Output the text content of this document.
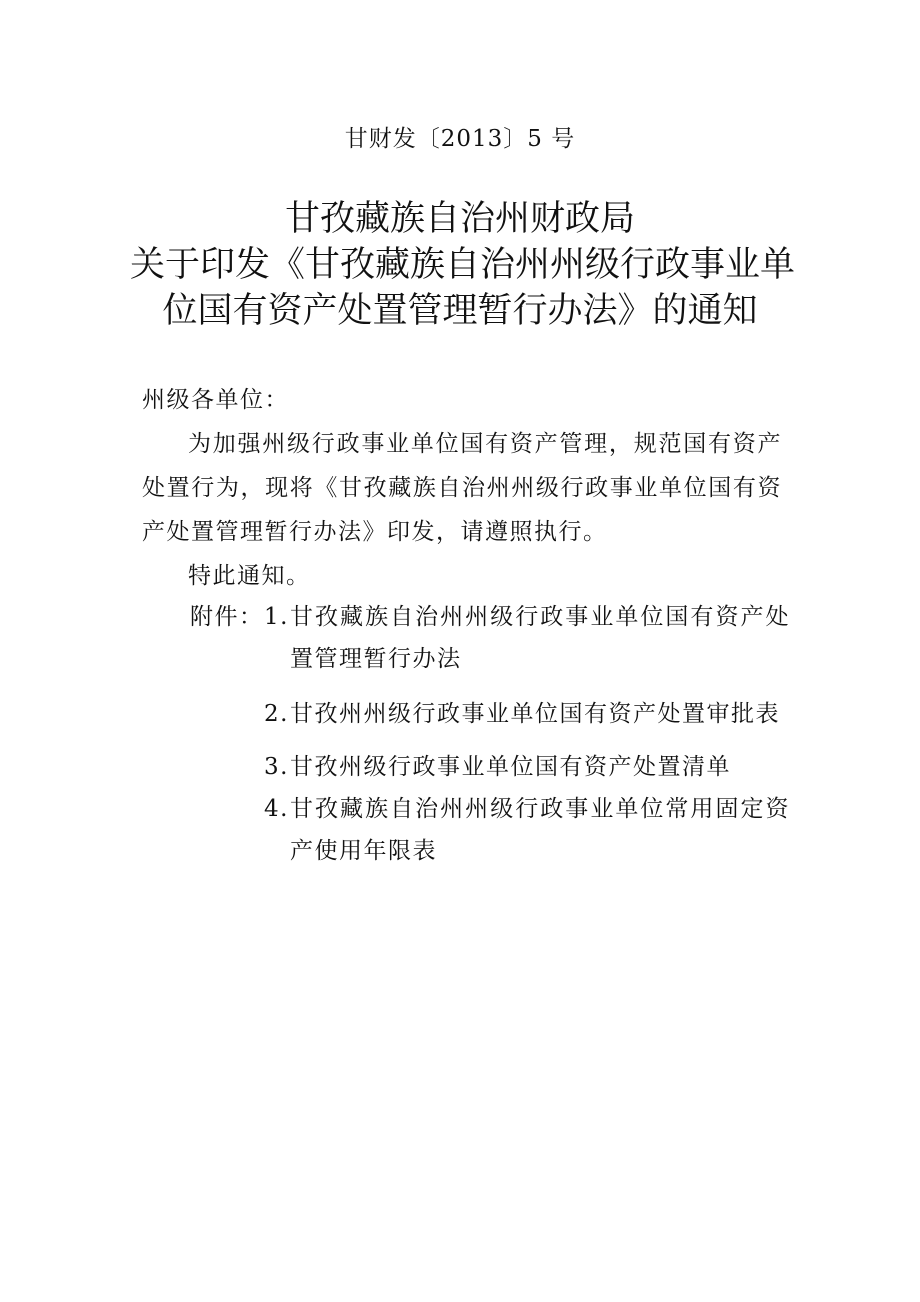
甘财发〔2013〕5 号
甘孜藏族自治州财政局
关于印发《甘孜藏族自治州州级行政事业单
位国有资产处置管理暂行办法》的通知
州级各单位：
为加强州级行政事业单位国有资产管理，规范国有资产处置行为，现将《甘孜藏族自治州州级行政事业单位国有资产处置管理暂行办法》印发，请遵照执行。
特此通知。
附件： 1. 甘孜藏族自治州州级行政事业单位国有资产处置管理暂行办法
2. 甘孜州州级行政事业单位国有资产处置审批表
3. 甘孜州级行政事业单位国有资产处置清单
4. 甘孜藏族自治州州级行政事业单位常用固定资产使用年限表
